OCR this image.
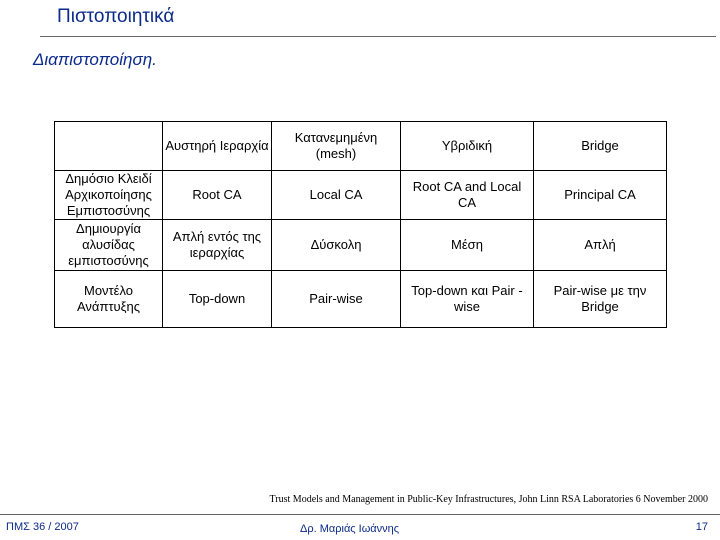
Πιστοποιητικά
Διαπιστοποίηση.
	Αυστηρή Ιεραρχία	Κατανεμημένη (mesh)	Υβριδική	Bridge
Δημόσιο Κλειδί Αρχικοποίησης Εμπιστοσύνης	Root CA	Local CA	Root CA and Local CA	Principal CA
Δημιουργία αλυσίδας εμπιστοσύνης	Απλή εντός της ιεραρχίας	Δύσκολη	Μέση	Απλή
Μοντέλο Ανάπτυξης	Top-down	Pair-wise	Top-down και Pair -wise	Pair-wise με την Bridge
Trust Models and Management in Public-Key Infrastructures, John Linn RSA Laboratories 6 November 2000
ΠΜΣ 36 / 2007	Δρ. Μαριάς Ιωάννης	17
